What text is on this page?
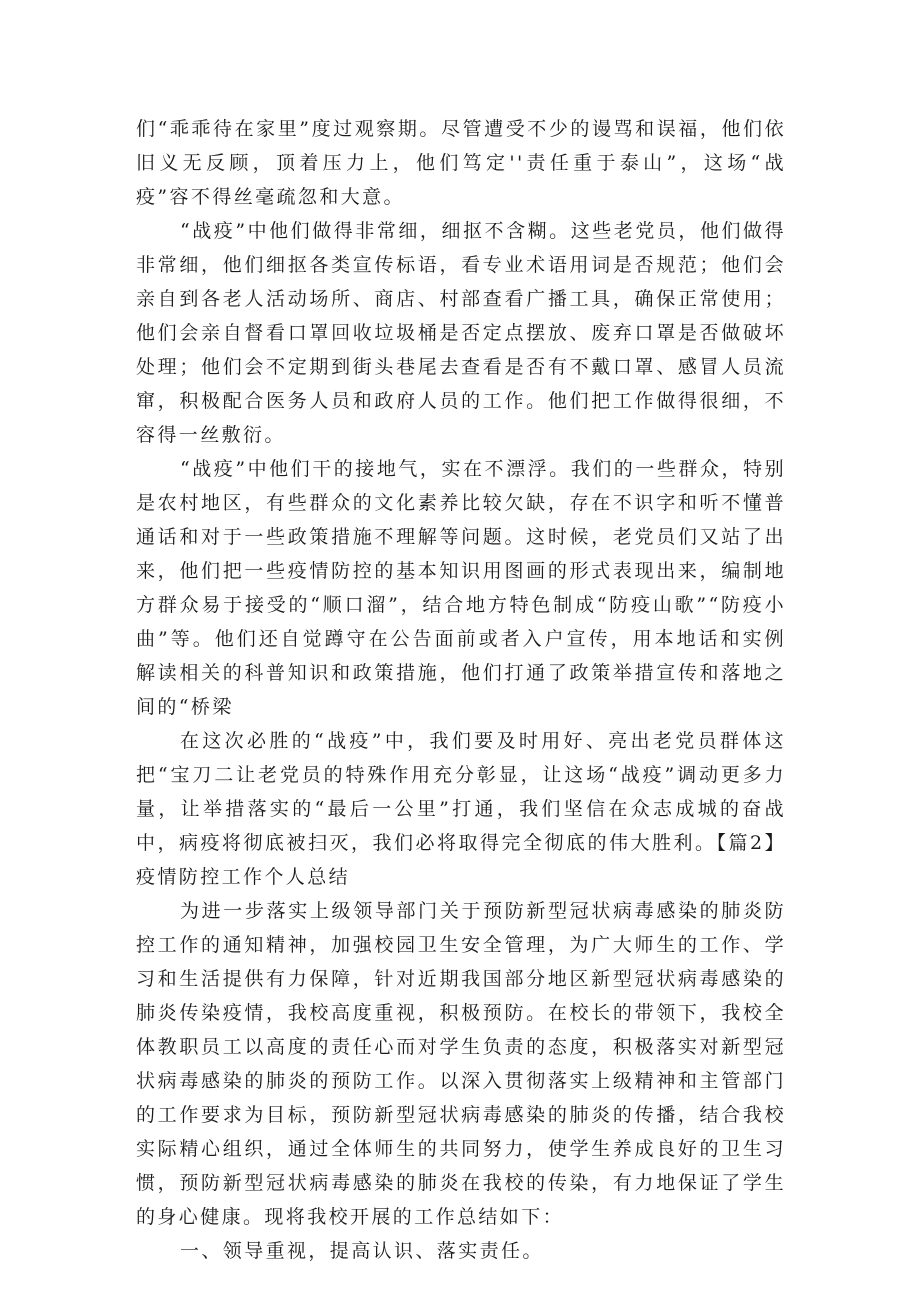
们“乖乖待在家里”度过观察期。尽管遭受不少的谩骂和误福，他们依旧义无反顾，顶着压力上，他们笃定''责任重于泰山”，这场“战疫”容不得丝毫疏忽和大意。

“战疫”中他们做得非常细，细抠不含糊。这些老党员，他们做得非常细，他们细抠各类宣传标语，看专业术语用词是否规范；他们会亲自到各老人活动场所、商店、村部查看广播工具，确保正常使用；他们会亲自督看口罩回收垃圾桶是否定点摆放、废弃口罩是否做破坏处理；他们会不定期到街头巷尾去查看是否有不戴口罩、感冒人员流窜，积极配合医务人员和政府人员的工作。他们把工作做得很细，不容得一丝敷衍。

“战疫”中他们干的接地气，实在不漂浮。我们的一些群众，特别是农村地区，有些群众的文化素养比较欠缺，存在不识字和听不懂普通话和对于一些政策措施不理解等问题。这时候，老党员们又站了出来，他们把一些疫情防控的基本知识用图画的形式表现出来，编制地方群众易于接受的“顺口溜”，结合地方特色制成“防疫山歌”“防疫小曲”等。他们还自觉蹲守在公告面前或者入户宣传，用本地话和实例解读相关的科普知识和政策措施，他们打通了政策举措宣传和落地之间的“桥梁

在这次必胜的“战疫”中，我们要及时用好、亮出老党员群体这把“宝刀二让老党员的特殊作用充分彰显，让这场“战疫”调动更多力量，让举措落实的“最后一公里”打通，我们坚信在众志成城的奋战中，病疫将彻底被扫灭，我们必将取得完全彻底的伟大胜利。【篇2】疫情防控工作个人总结

为进一步落实上级领导部门关于预防新型冠状病毒感染的肺炎防控工作的通知精神，加强校园卫生安全管理，为广大师生的工作、学习和生活提供有力保障，针对近期我国部分地区新型冠状病毒感染的肺炎传染疫情，我校高度重视，积极预防。在校长的带领下，我校全体教职员工以高度的责任心而对学生负责的态度，积极落实对新型冠状病毒感染的肺炎的预防工作。以深入贯彻落实上级精神和主管部门的工作要求为目标，预防新型冠状病毒感染的肺炎的传播，结合我校实际精心组织，通过全体师生的共同努力，使学生养成良好的卫生习惯，预防新型冠状病毒感染的肺炎在我校的传染，有力地保证了学生的身心健康。现将我校开展的工作总结如下：

一、领导重视，提高认识、落实责任。
